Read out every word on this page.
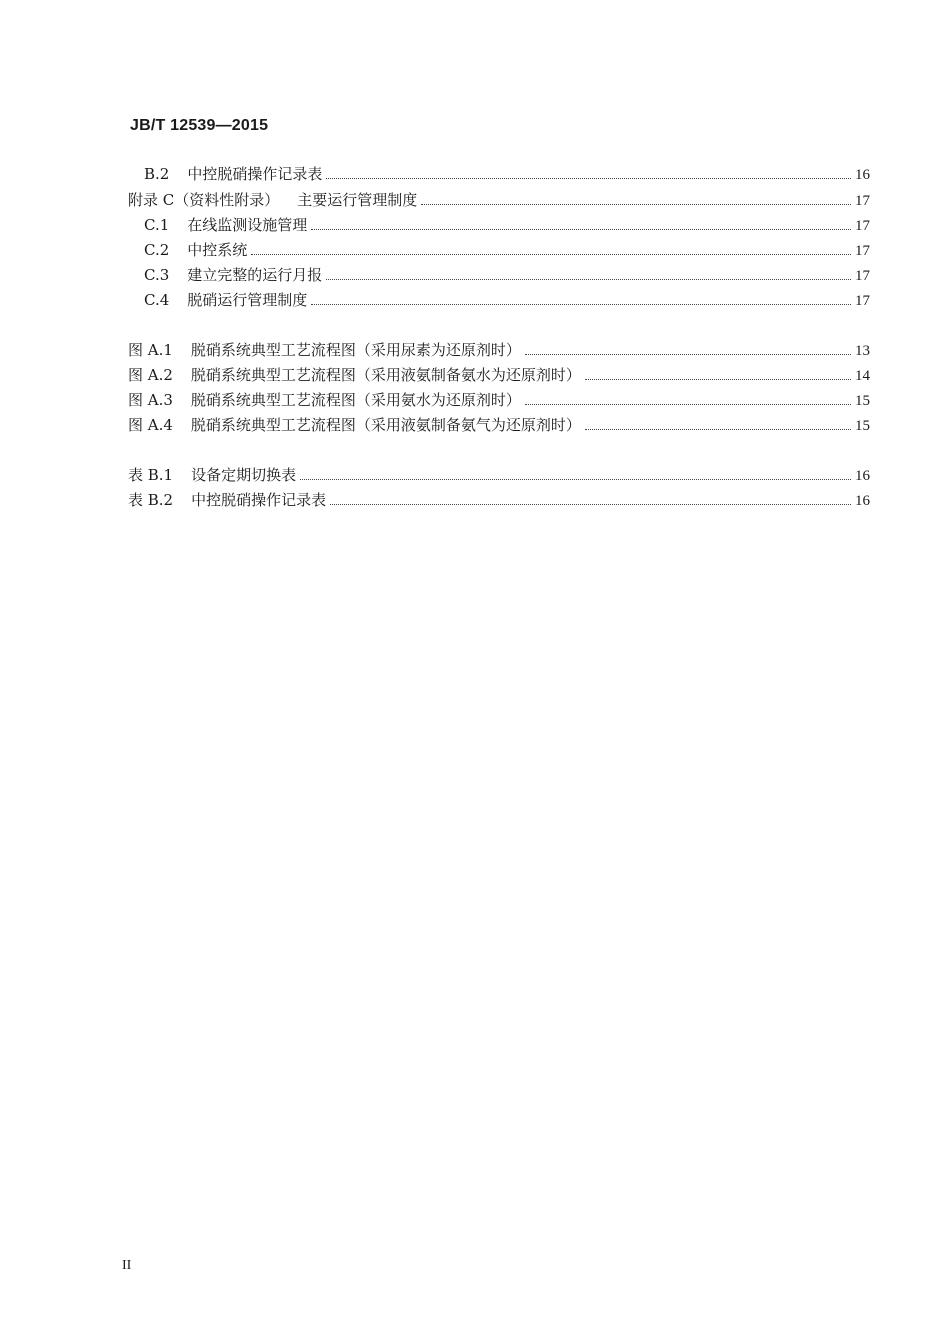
JB/T 12539—2015
B.2 中控脱硝操作记录表	16
附录 C（资料性附录） 主要运行管理制度	17
C.1 在线监测设施管理	17
C.2 中控系统	17
C.3 建立完整的运行月报	17
C.4 脱硝运行管理制度	17
图 A.1 脱硝系统典型工艺流程图（采用尿素为还原剂时）	13
图 A.2 脱硝系统典型工艺流程图（采用液氨制备氨水为还原剂时）	14
图 A.3 脱硝系统典型工艺流程图（采用氨水为还原剂时）	15
图 A.4 脱硝系统典型工艺流程图（采用液氨制备氨气为还原剂时）	15
表 B.1 设备定期切换表	16
表 B.2 中控脱硝操作记录表	16
II
